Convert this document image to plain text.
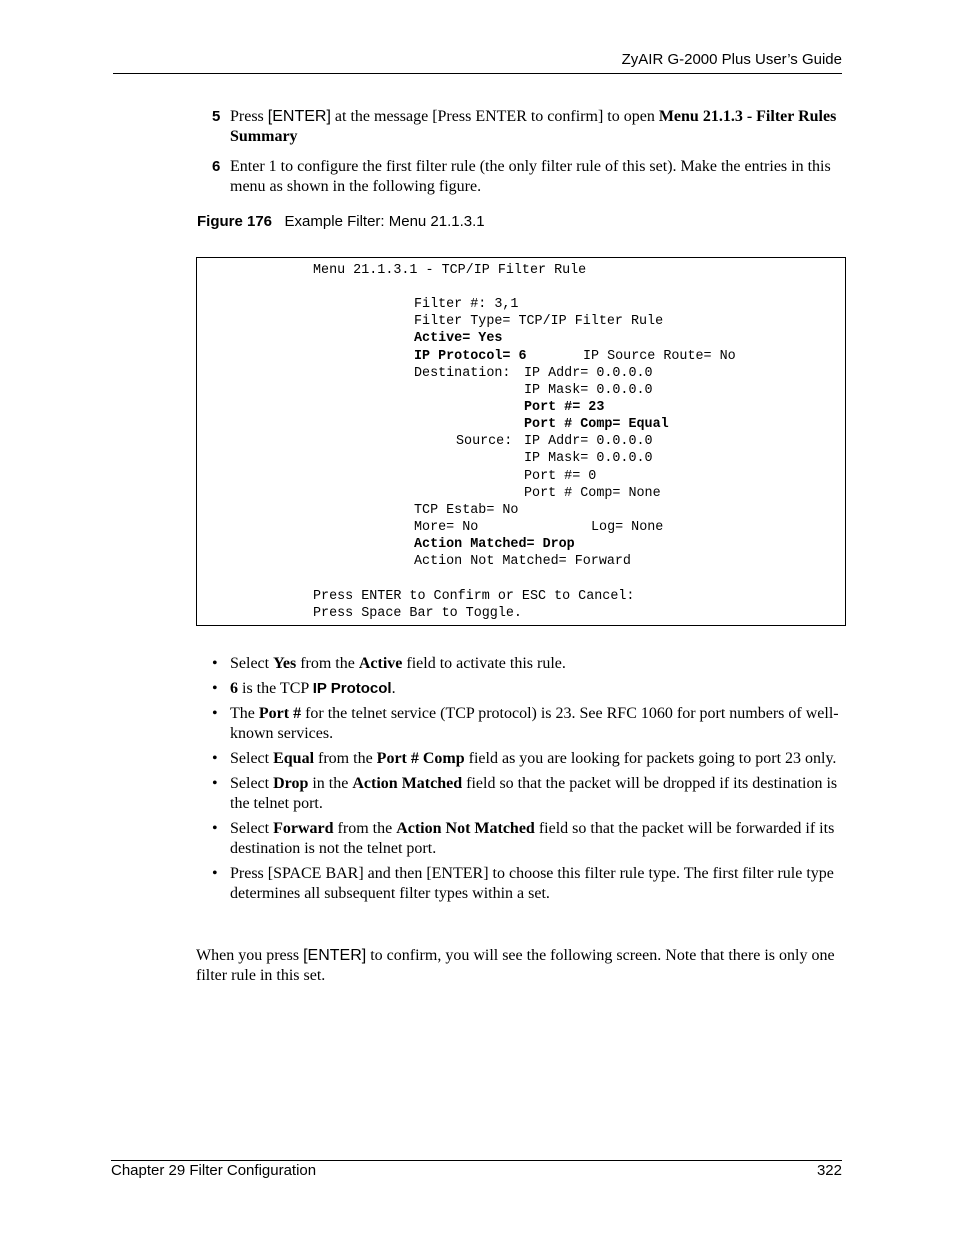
ZyAIR G-2000 Plus User’s Guide
5 Press [ENTER] at the message [Press ENTER to confirm] to open Menu 21.1.3 - Filter Rules Summary
6 Enter 1 to configure the first filter rule (the only filter rule of this set). Make the entries in this menu as shown in the following figure.
Figure 176 Example Filter: Menu 21.1.3.1

Menu 21.1.3.1 - TCP/IP Filter Rule

Filter #: 3,1

Filter Type= TCP/IP Filter Rule

Active= Yes

IP Protocol= 6

	IP Source Route= No

Destination:

IP Addr= 0.0.0.0

IP Mask= 0.0.0.0

Port #= 23

Port # Comp= Equal

Source:

IP Addr= 0.0.0.0

IP Mask= 0.0.0.0

Port #= 0

Port # Comp= None

TCP Estab= No

More= No

	Log= None

Action Matched= Drop

Action Not Matched= Forward

Press ENTER to Confirm or ESC to Cancel:

Press Space Bar to Toggle.

• Select Yes from the Active field to activate this rule.
• 6 is the TCP IP Protocol.
• The Port # for the telnet service (TCP protocol) is 23. See RFC 1060 for port numbers of well-known services.
• Select Equal from the Port # Comp field as you are looking for packets going to port 23 only.
• Select Drop in the Action Matched field so that the packet will be dropped if its destination is the telnet port.
• Select Forward from the Action Not Matched field so that the packet will be forwarded if its destination is not the telnet port.
• Press [SPACE BAR] and then [ENTER] to choose this filter rule type. The first filter rule type determines all subsequent filter types within a set.
When you press [ENTER] to confirm, you will see the following screen. Note that there is only one filter rule in this set.
Chapter 29 Filter Configuration	322
